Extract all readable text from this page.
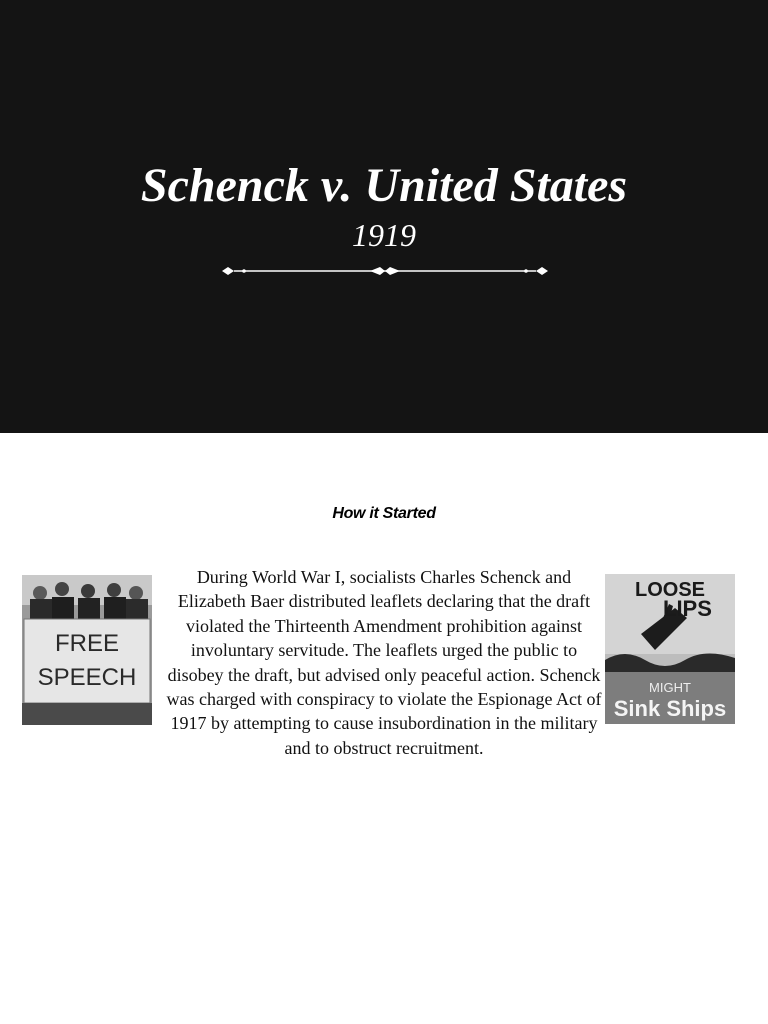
Schenck v. United States
1919
How it Started
FREE
SPEECH
During World War I, socialists Charles Schenck and Elizabeth Baer distributed leaflets declaring that the draft violated the Thirteenth Amendment prohibition against involuntary servitude. The leaflets urged the public to disobey the draft, but advised only peaceful action. Schenck was charged with conspiracy to violate the Espionage Act of 1917 by attempting to cause insubordination in the military and to obstruct recruitment.
LOOSE
LIPS
MIGHT
Sink Ships
